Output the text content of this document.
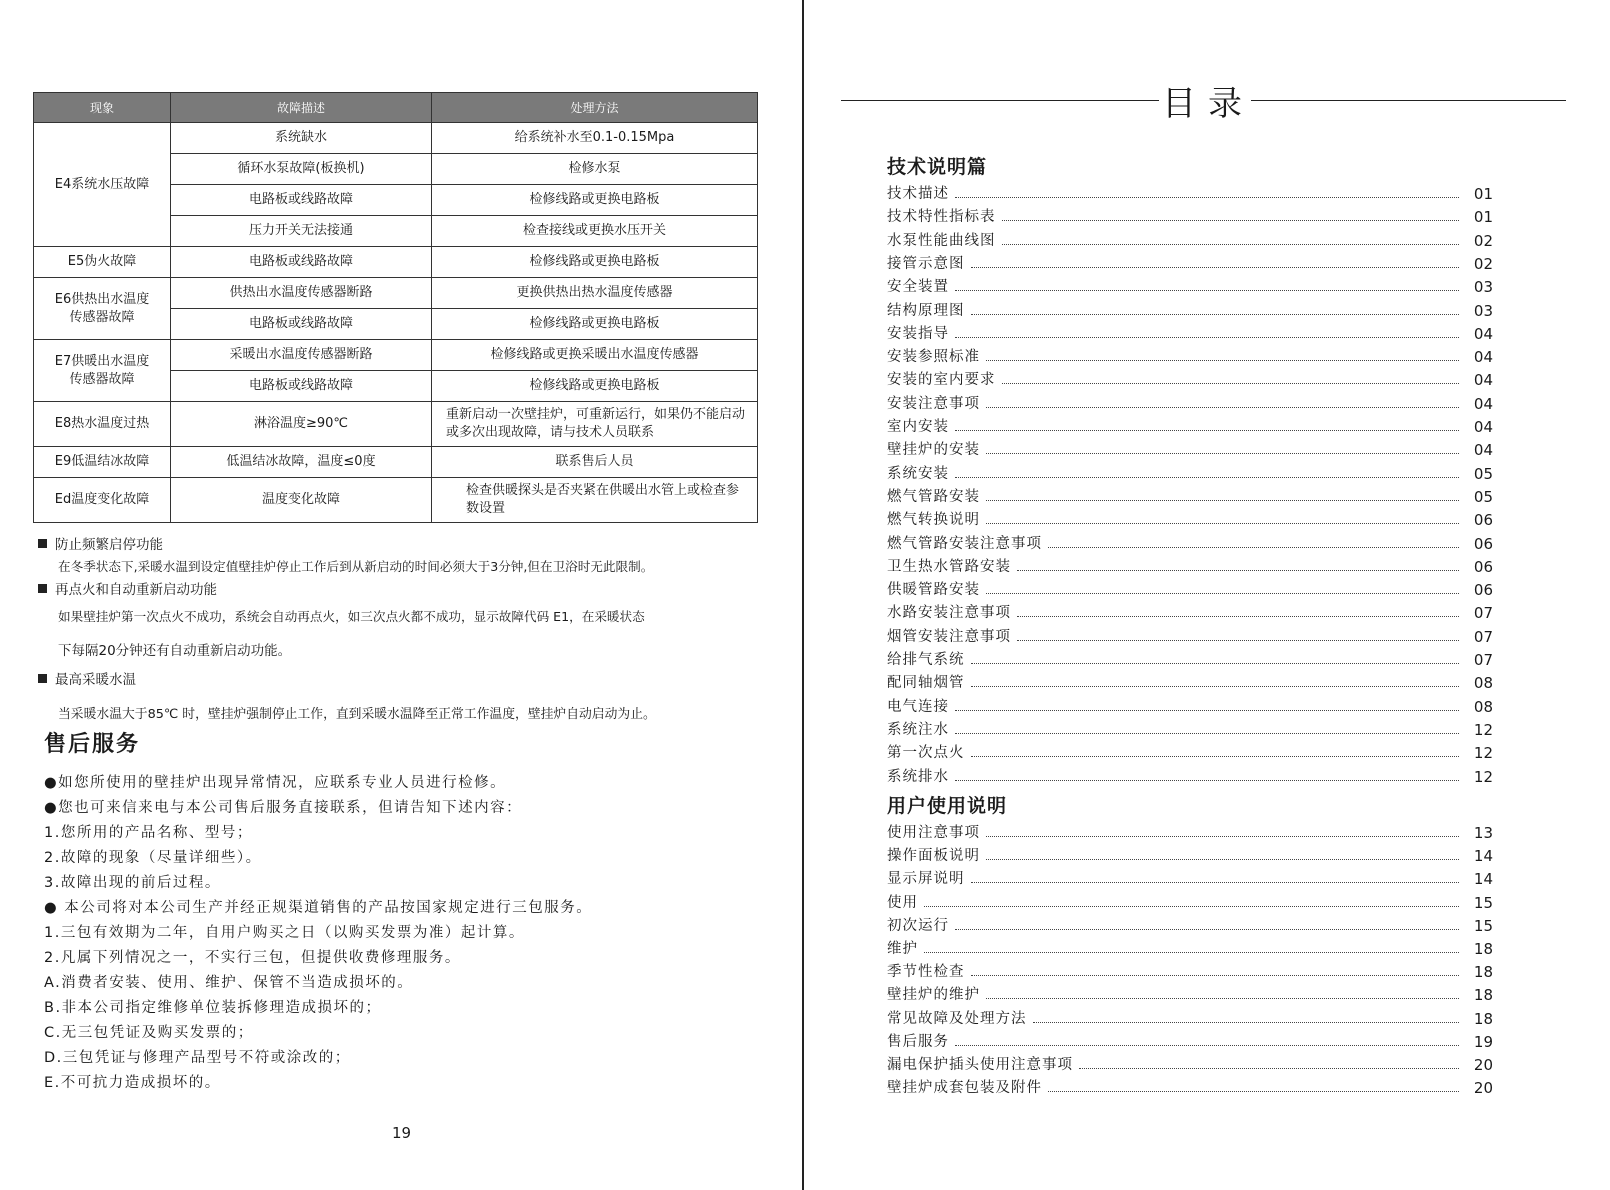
现象	故障描述	处理方法
E4系统水压故障	系统缺水	给系统补水至0.1-0.15Mpa
	循环水泵故障(板换机)	检修水泵
	电路板或线路故障	检修线路或更换电路板
	压力开关无法接通	检查接线或更换水压开关
E5伪火故障	电路板或线路故障	检修线路或更换电路板
E6供热出水温度传感器故障	供热出水温度传感器断路	更换供热出热水温度传感器
	电路板或线路故障	检修线路或更换电路板
E7供暖出水温度传感器故障	采暖出水温度传感器断路	检修线路或更换采暖出水温度传感器
	电路板或线路故障	检修线路或更换电路板
E8热水温度过热	淋浴温度≥90℃	重新启动一次壁挂炉，可重新运行，如果仍不能启动或多次出现故障，请与技术人员联系
E9低温结冰故障	低温结冰故障，温度≤0度	联系售后人员
Ed温度变化故障	温度变化故障	检查供暖探头是否夹紧在供暖出水管上或检查参数设置
防止频繁启停功能
在冬季状态下,采暖水温到设定值壁挂炉停止工作后到从新启动的时间必须大于3分钟,但在卫浴时无此限制。
再点火和自动重新启动功能
如果壁挂炉第一次点火不成功，系统会自动再点火，如三次点火都不成功，显示故障代码 E1，在采暖状态
下每隔20分钟还有自动重新启动功能。
最高采暖水温
当采暖水温大于85℃ 时，壁挂炉强制停止工作，直到采暖水温降至正常工作温度，壁挂炉自动启动为止。
售后服务
●如您所使用的壁挂炉出现异常情况，应联系专业人员进行检修。
●您也可来信来电与本公司售后服务直接联系，但请告知下述内容：
1.您所用的产品名称、型号；
2.故障的现象（尽量详细些）。
3.故障出现的前后过程。
● 本公司将对本公司生产并经正规渠道销售的产品按国家规定进行三包服务。
1.三包有效期为二年，自用户购买之日（以购买发票为准）起计算。
2.凡属下列情况之一，不实行三包，但提供收费修理服务。
A.消费者安装、使用、维护、保管不当造成损坏的。
B.非本公司指定维修单位装拆修理造成损坏的；
C.无三包凭证及购买发票的；
D.三包凭证与修理产品型号不符或涂改的；
E.不可抗力造成损坏的。
19
目录
技术说明篇
技术描述	01
技术特性指标表	01
水泵性能曲线图	02
接管示意图	02
安全装置	03
结构原理图	03
安装指导	04
安装参照标准	04
安装的室内要求	04
安装注意事项	04
室内安装	04
壁挂炉的安装	04
系统安装	05
燃气管路安装	05
燃气转换说明	06
燃气管路安装注意事项	06
卫生热水管路安装	06
供暖管路安装	06
水路安装注意事项	07
烟管安装注意事项	07
给排气系统	07
配同轴烟管	08
电气连接	08
系统注水	12
第一次点火	12
系统排水	12
用户使用说明
使用注意事项	13
操作面板说明	14
显示屏说明	14
使用	15
初次运行	15
维护	18
季节性检查	18
壁挂炉的维护	18
常见故障及处理方法	18
售后服务	19
漏电保护插头使用注意事项	20
壁挂炉成套包装及附件	20
